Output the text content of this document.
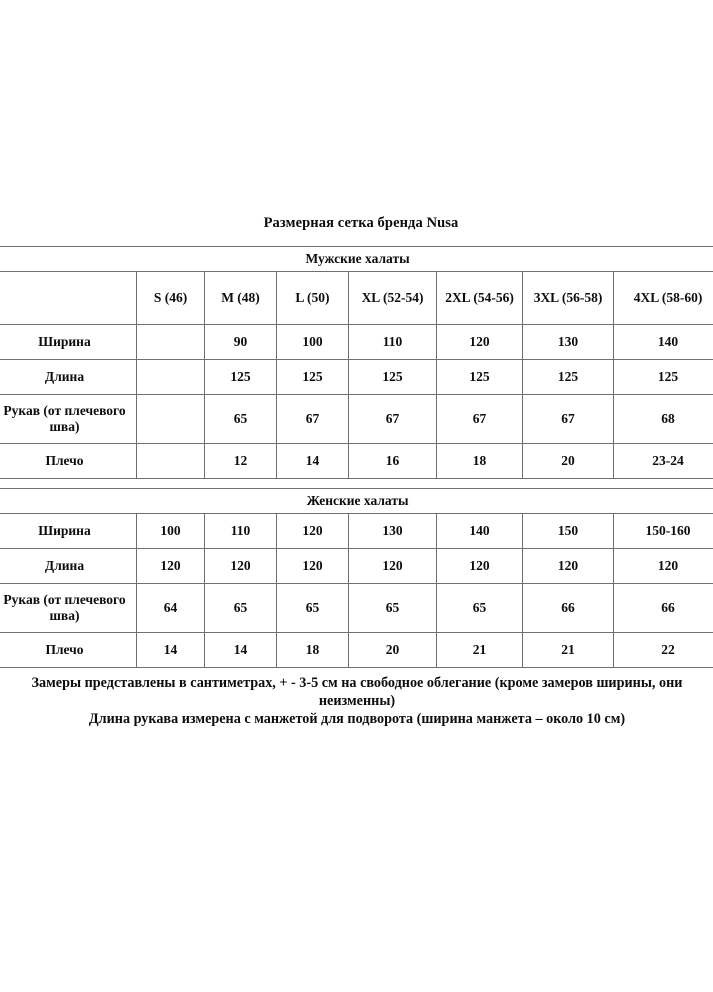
Размерная сетка бренда Nusa
Мужские халаты							
	S (46)	M (48)	L (50)	XL (52-54)	2XL (54-56)	3XL (56-58)	4XL (58-60)
Ширина		90	100	110	120	130	140
Длина		125	125	125	125	125	125
Рукав (от плечевого шва)		65	67	67	67	67	68
Плечо		12	14	16	18	20	23-24

Женские халаты							
Ширина	100	110	120	130	140	150	150-160
Длина	120	120	120	120	120	120	120
Рукав (от плечевого шва)	64	65	65	65	65	66	66
Плечо	14	14	18	20	21	21	22
Замеры представлены в сантиметрах, + - 3-5 см на свободное облегание (кроме замеров ширины, они неизменны)
Длина рукава измерена с манжетой для подворота (ширина манжета – около 10 см)
